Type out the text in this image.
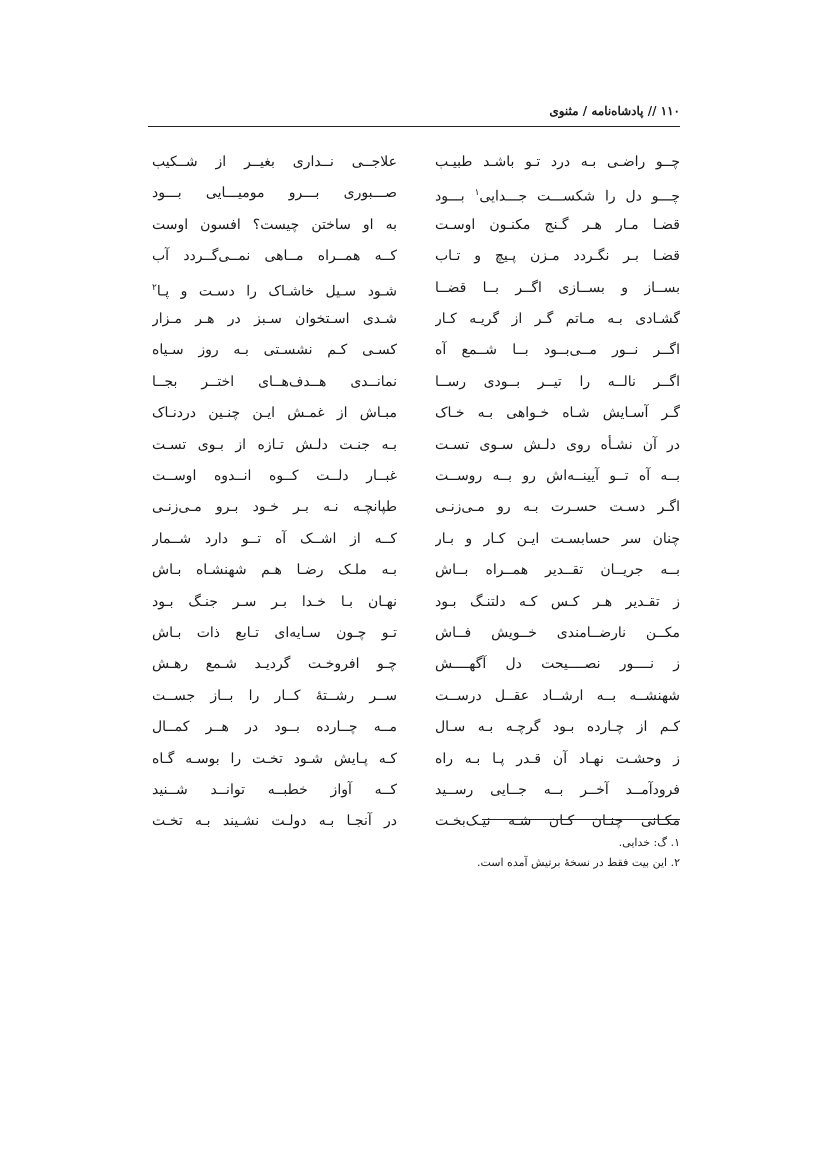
١١٠ // پادشاه‌نامه / مثنوی
چــو راضـی بـه درد تـو باشـد طبیـب
علاجــی نــداری بغیــر از شــکیب
چـــو دل را شکســـت جـــدایی$^١$ بـــود
صـــبوری بـــرو مومیـــایی بـــود
قضـا مـار هـر گـنج مکنـون اوسـت
به او ساختن چیست؟ افسون اوست
قضـا بـر نگـردد مـزن پـیچ و تـاب
کــه همــراه مــاهی نمــی‌گــردد آب
بســاز و بســازی اگــر بــا قضــا
شـود سـیل خاشـاک را دسـت و پـا$^٢$
گشـادی بـه مـاتم گـر از گریـه کـار
شـدی اسـتخوان سـبز در هـر مـزار
اگــر نــور مــی‌بــود بــا شــمع آه
کسـی کـم نشسـتی بـه روز سـیاه
اگــر نالــه را تیــر بــودی رســا
نمانــدی هــدف‌هــای اختــر بجــا
گـر آسـایش شـاه خـواهی بـه خـاک
مبـاش از غمـش ایـن چنـین دردنـاک
در آن نشـأه روی دلـش سـوی تسـت
بـه جنـت دلـش تـازه از بـوی تسـت
بــه آه تــو آیینــه‌اش رو بــه روســت
غبــار دلــت کــوه انــدوه اوســت
اگـر دسـت حسـرت بـه رو مـی‌زنـی
طپانچـه نـه بـر خـود بـرو مـی‌زنـی
چنان سر حسابسـت ایـن کـار و بـار
کــه از اشــک آه تــو دارد شــمار
بــه جریــان تقــدیر همــراه بــاش
بـه ملـک رضـا هـم شهنشـاه بـاش
ز تقـدیر هـر کـس کـه دلتنـگ بـود
نهـان بـا خـدا بـر سـر جنـگ بـود
مکــن نارضــامندی خــویش فــاش
تـو چـون سـایه‌ای تـابع ذات بـاش
ز نــــور نصــــیحت دل آگهــــش
چـو افروخـت گردیـد شـمع رهـش
شهنشــه بــه ارشــاد عقــل درســت
ســر رشــتهٔ کــار را بــاز جســت
کـم از چـارده بـود گرچـه بـه سـال
مــه چــارده بــود در هــر کمــال
ز وحشـت نهـاد آن قـدر پـا بـه راه
کـه پـایش شـود تخـت را بوسـه گـاه
فرودآمــد آخــر بــه جــایی رســید
کــه آواز خطبــه توانــد شــنید
مکـانی چنـان کـان شـه نیـک‌بخـت
در آنجـا بـه دولـت نشـیند بـه تخـت
١. گ: خدایی.
٢. این بیت فقط در نسخهٔ برتیش آمده است.
